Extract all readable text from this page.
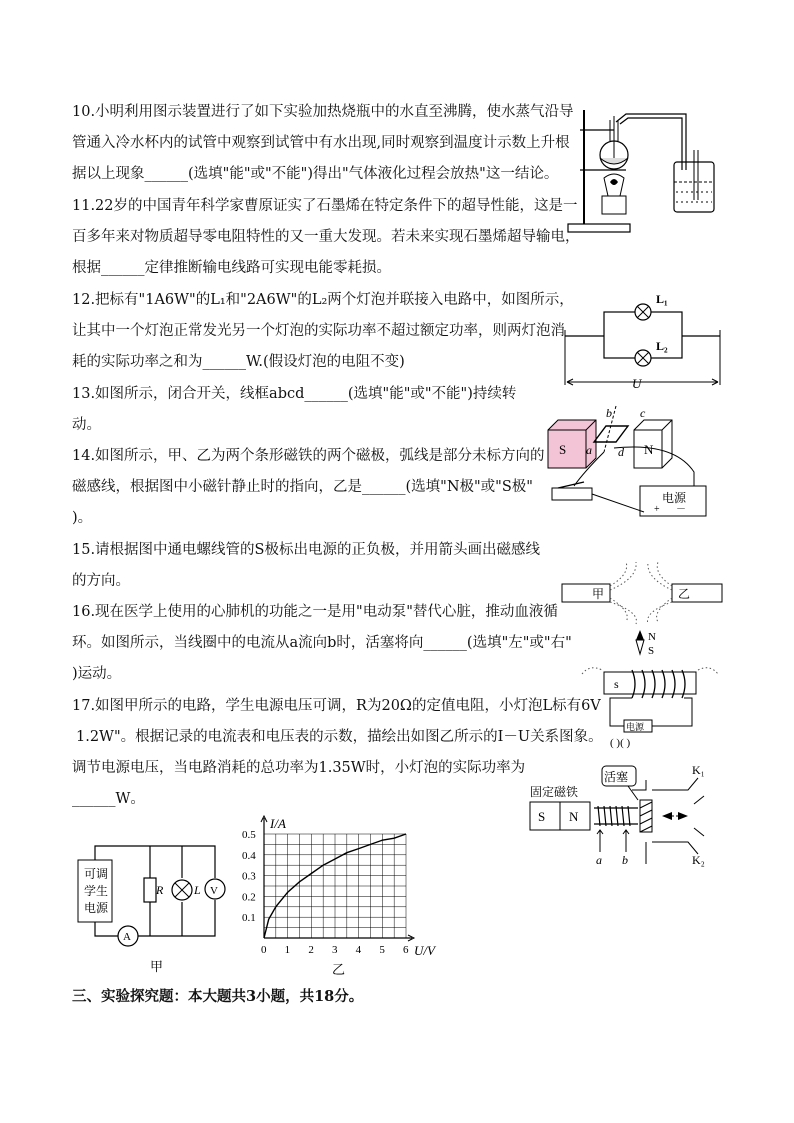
10.小明利用图示装置进行了如下实验加热烧瓶中的水直至沸腾，使水蒸气沿导
管通入冷水杯内的试管中观察到试管中有水出现,同时观察到温度计示数上升根
据以上现象______(选填"能"或"不能")得出"气体液化过程会放热"这一结论。
11.22岁的中国青年科学家曹原证实了石墨烯在特定条件下的超导性能，这是一
百多年来对物质超导零电阻特性的又一重大发现。若未来实现石墨烯超导输电，
根据______定律推断输电线路可实现电能零耗损。
12.把标有"1A6W"的L₁和"2A6W"的L₂两个灯泡并联接入电路中，如图所示，
让其中一个灯泡正常发光另一个灯泡的实际功率不超过额定功率，则两灯泡消
耗的实际功率之和为______W.(假设灯泡的电阻不变)
13.如图所示，闭合开关，线框abcd______(选填"能"或"不能")持续转
动。
14.如图所示，甲、乙为两个条形磁铁的两个磁极，弧线是部分未标方向的
磁感线，根据图中小磁针静止时的指向，乙是______(选填"N极"或"S极"
)。
15.请根据图中通电螺线管的S极标出电源的正负极，并用箭头画出磁感线
的方向。
16.现在医学上使用的心肺机的功能之一是用"电动泵"替代心脏，推动血液循
环。如图所示，当线圈中的电流从a流向b时，活塞将向______(选填"左"或"右"
)运动。
17.如图甲所示的电路，学生电源电压可调，R为20Ω的定值电阻，小灯泡L标有6V
1.2W"。根据记录的电流表和电压表的示数，描绘出如图乙所示的I－U关系图象。
调节电源电压，当电路消耗的总功率为1.35W时，小灯泡的实际功率为
______W。
三、实验探究题：本大题共3小题，共18分。
L₁
L₂
U
S	N
b c
a d
电源
+ －
甲	乙
N
S
s
电源
( )( )
固定磁铁
活塞
S N
K₁
K₂
a b
可调
学生
电源
R	L V
A
甲
0 1 2 3 4 5 6
0.1
0.2
0.3
0.4
0.5
I/A
U/V
乙
